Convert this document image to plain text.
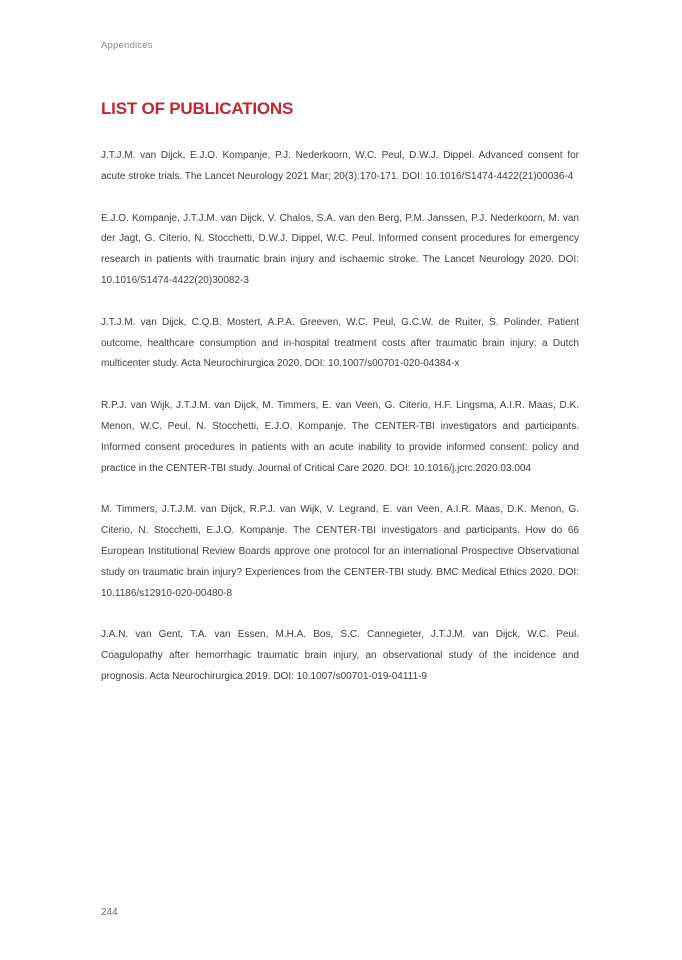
Appendices
LIST OF PUBLICATIONS
J.T.J.M. van Dijck, E.J.O. Kompanje, P.J. Nederkoorn, W.C. Peul, D.W.J. Dippel. Advanced consent for acute stroke trials. The Lancet Neurology 2021 Mar; 20(3):170-171. DOI: 10.1016/S1474-4422(21)00036-4
E.J.O. Kompanje, J.T.J.M. van Dijck, V. Chalos, S.A. van den Berg, P.M. Janssen, P.J. Nederkoorn, M. van der Jagt, G. Citerio, N. Stocchetti, D.W.J. Dippel, W.C. Peul. Informed consent procedures for emergency research in patients with traumatic brain injury and ischaemic stroke. The Lancet Neurology 2020. DOI: 10.1016/S1474-4422(20)30082-3
J.T.J.M. van Dijck, C.Q.B. Mostert, A.P.A. Greeven, W.C. Peul, G.C.W. de Ruiter, S. Polinder. Patient outcome, healthcare consumption and in-hospital treatment costs after traumatic brain injury: a Dutch multicenter study. Acta Neurochirurgica 2020. DOI: 10.1007/s00701-020-04384-x
R.P.J. van Wijk, J.T.J.M. van Dijck, M. Timmers, E. van Veen, G. Citerio, H.F. Lingsma, A.I.R. Maas, D.K. Menon, W.C. Peul, N. Stocchetti, E.J.O. Kompanje. The CENTER-TBI investigators and participants. Informed consent procedures in patients with an acute inability to provide informed consent: policy and practice in the CENTER-TBI study. Journal of Critical Care 2020. DOI: 10.1016/j.jcrc.2020.03.004
M. Timmers, J.T.J.M. van Dijck, R.P.J. van Wijk, V. Legrand, E. van Veen, A.I.R. Maas, D.K. Menon, G. Citerio, N. Stocchetti, E.J.O. Kompanje. The CENTER-TBI investigators and participants. How do 66 European Institutional Review Boards approve one protocol for an international Prospective Observational study on traumatic brain injury? Experiences from the CENTER-TBI study. BMC Medical Ethics 2020. DOI: 10.1186/s12910-020-00480-8
J.A.N. van Gent, T.A. van Essen, M.H.A. Bos, S.C. Cannegieter, J.T.J.M. van Dijck, W.C. Peul. Coagulopathy after hemorrhagic traumatic brain injury, an observational study of the incidence and prognosis. Acta Neurochirurgica 2019. DOI: 10.1007/s00701-019-04111-9
244
